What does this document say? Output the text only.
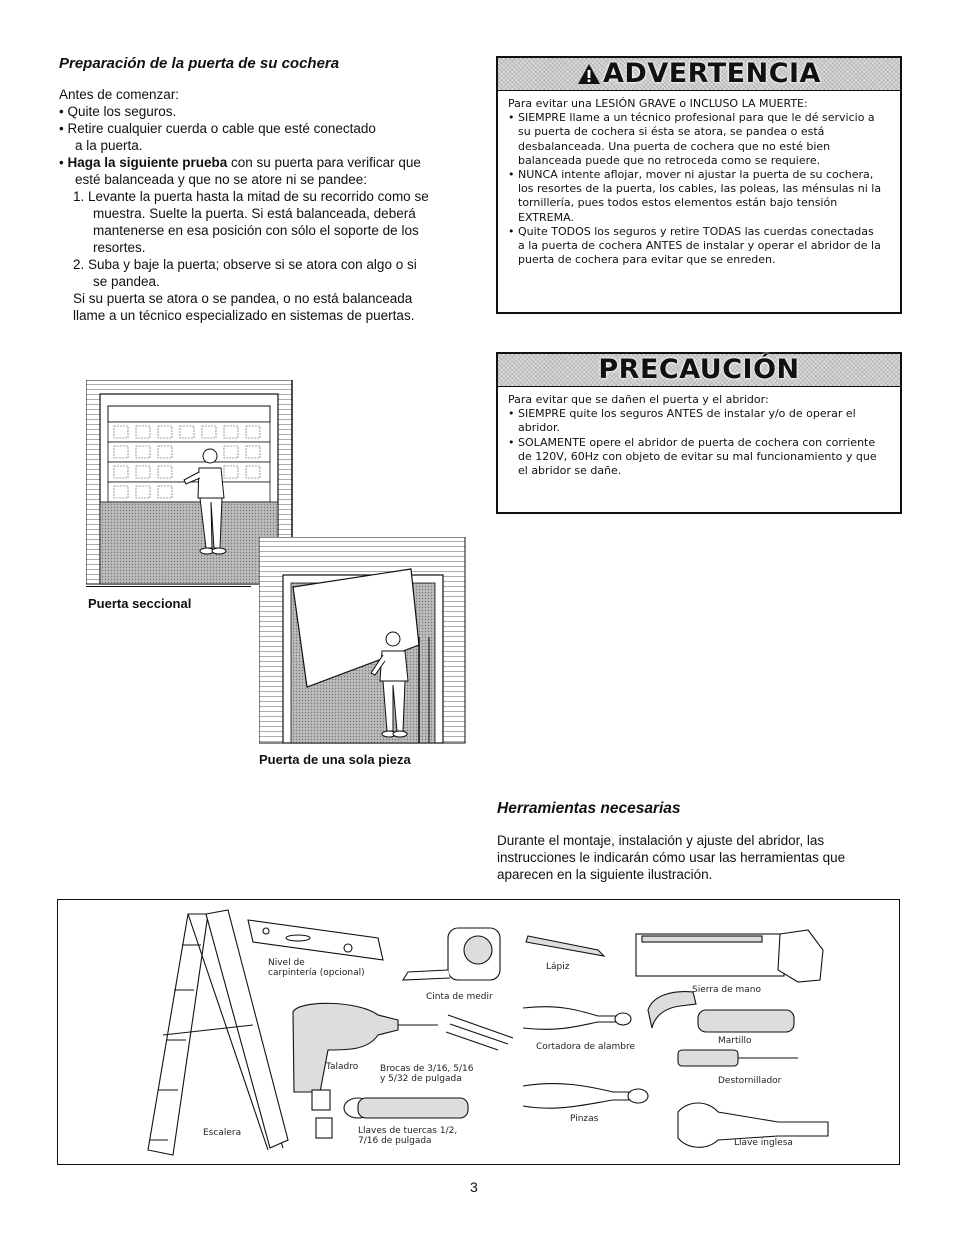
Preparación de la puerta de su cochera

Antes de comenzar:

• Quite los seguros.

• Retire cualquier cuerda o cable que esté conectado

a la puerta.

• Haga la siguiente prueba con su puerta para verificar que

esté balanceada y que no se atore ni se pandee:

1. Levante la puerta hasta la mitad de su recorrido como se

muestra. Suelte la puerta. Si está balanceada, deberá

mantenerse en esa posición con sólo el soporte de los

resortes.

2. Suba y baje la puerta; observe si se atora con algo o si

se pandea.

Si su puerta se atora o se pandea, o no está balanceada

llame a un técnico especializado en sistemas de puertas.

ADVERTENCIA

Para evitar una LESIÓN GRAVE o INCLUSO LA MUERTE:

• SIEMPRE llame a un técnico profesional para que le dé servicio a

su puerta de cochera si ésta se atora, se pandea o está

desbalanceada. Una puerta de cochera que no esté bien

balanceada puede que no retroceda como se requiere.

• NUNCA intente aflojar, mover ni ajustar la puerta de su cochera,

los resortes de la puerta, los cables, las poleas, las ménsulas ni la

tornillería, pues todos estos elementos están bajo tensión

EXTREMA.

• Quite TODOS los seguros y retire TODAS las cuerdas conectadas

a la puerta de cochera ANTES de instalar y operar el abridor de la

puerta de cochera para evitar que se enreden.

PRECAUCIÓN

Para evitar que se dañen el puerta y el abridor:

• SIEMPRE quite los seguros ANTES de instalar y/o de operar el

abridor.

• SOLAMENTE opere el abridor de puerta de cochera con corriente

de 120V, 60Hz con objeto de evitar su mal funcionamiento y que

el abridor se dañe.

Puerta seccional
Puerta de una sola pieza
Herramientas necesarias

Durante el montaje, instalación y ajuste del abridor, las

instrucciones le indicarán cómo usar las herramientas que

aparecen en la siguiente ilustración.

Nivel de
carpintería (opcional)
Cinta de medir
Lápiz
Sierra de mano
Martillo
Cortadora de alambre
Taladro Brocas de 3/16, 5/16
y 5/32 de pulgada	Destornillador
Pinzas
Llaves de tuercas 1/2,
7/16 de pulgada	Llave inglesa
Escalera
3
